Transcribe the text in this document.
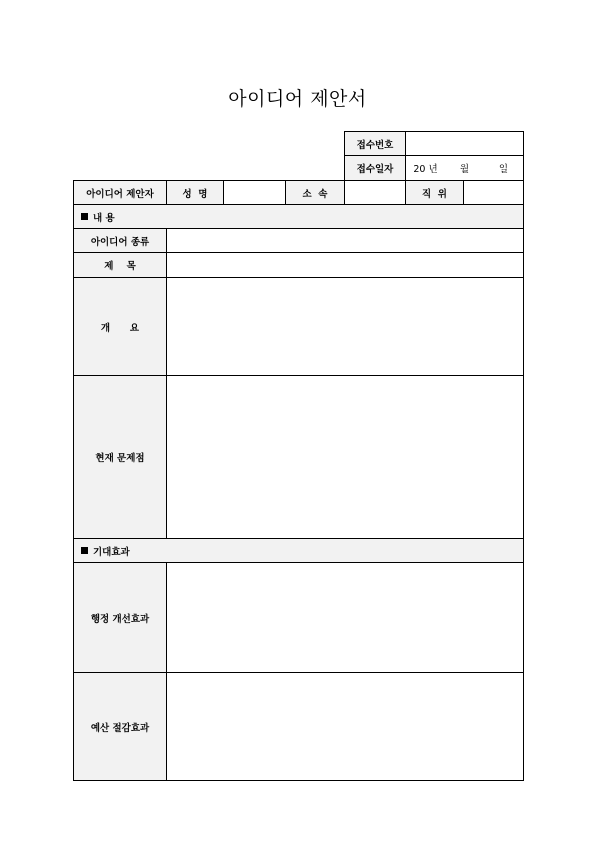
아이디어 제안서
접수번호
접수일자	20 년	월	일
아이디어 제안자	성  명	소  속	직  위
내 용
아이디어 종류
제    목
개      요
현재 문제점
기대효과
행정 개선효과
예산 절감효과
